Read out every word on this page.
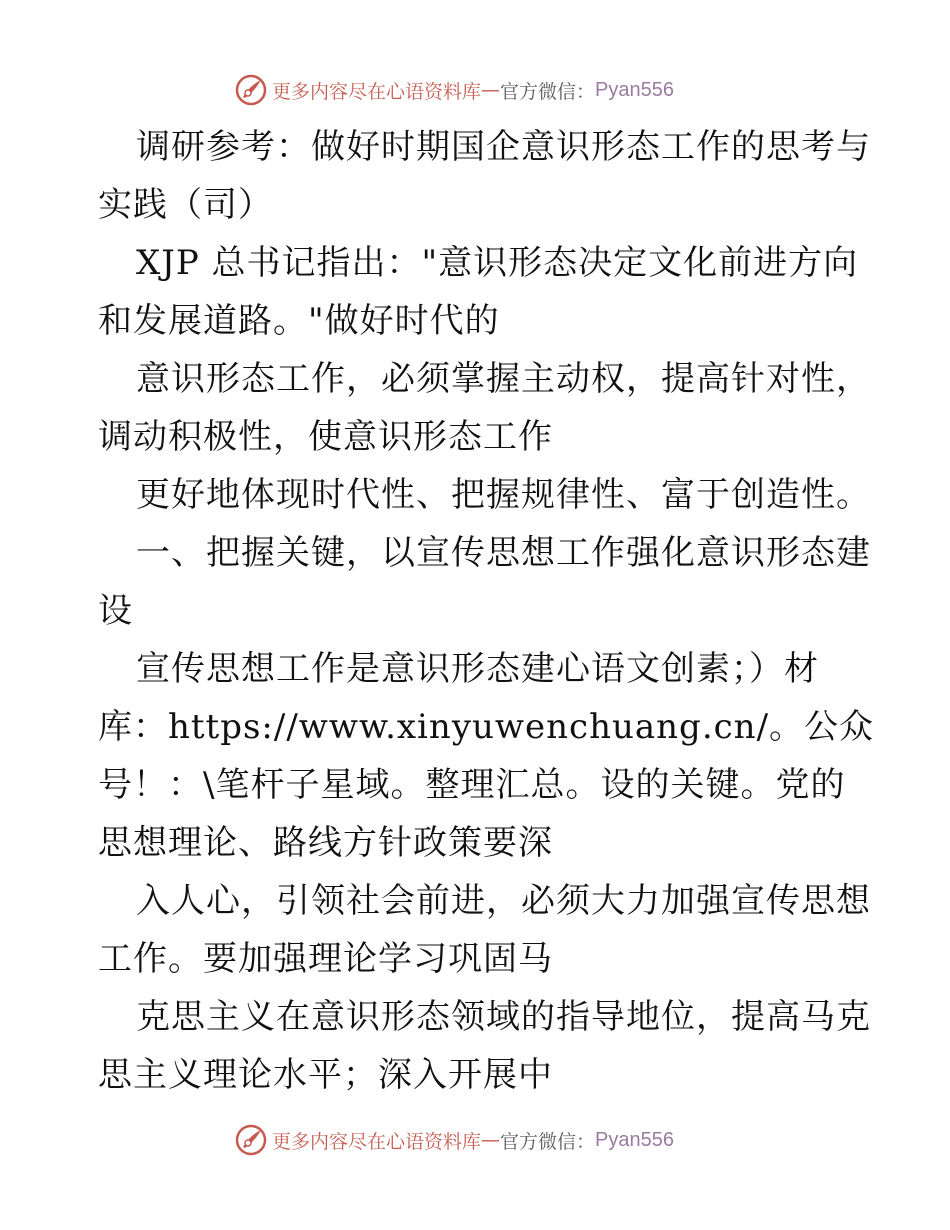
更多内容尽在心语资料库 — 官方微信： Pyan556
调研参考：做好时期国企意识形态工作的思考与
实践（司）
XJP 总书记指出："意识形态决定文化前进方向
和发展道路。"做好时代的
意识形态工作，必须掌握主动权，提高针对性，
调动积极性，使意识形态工作
更好地体现时代性、把握规律性、富于创造性。
一、把握关键，以宣传思想工作强化意识形态建
设
宣传思想工作是意识形态建心语文创素；）材
库：https://www.xinyuwenchuang.cn/。公众
号！：\笔杆子星域。整理汇总。设的关键。党的
思想理论、路线方针政策要深
入人心，引领社会前进，必须大力加强宣传思想
工作。要加强理论学习巩固马
克思主义在意识形态领域的指导地位，提高马克
思主义理论水平；深入开展中
更多内容尽在心语资料库 — 官方微信： Pyan556
